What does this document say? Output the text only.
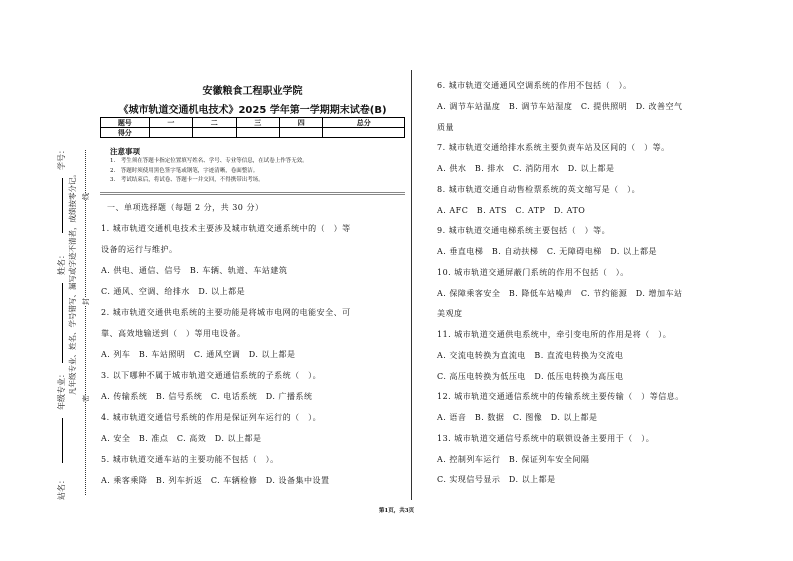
学号：
姓名：
年级专业：
站名：
凡年级专业、姓名、学号错写、漏写或字迹不清者，成绩按零分记。
密
封
线
安徽粮食工程职业学院
《城市轨道交通机电技术》2025 学年第一学期期末试卷(B)
题号	一	二	三	四	总分
得分					
注意事项
1.　考生须在答题卡指定位置填写姓名、学号、专业等信息，在试卷上作答无效。
2.　答题时须使用黑色签字笔或钢笔，字迹清晰，卷面整洁。
3.　考试结束后，将试卷、答题卡一并交回，不得携带出考场。
一、单项选择题（每题 2 分，共 30 分）
1. 城市轨道交通机电技术主要涉及城市轨道交通系统中的（　）等
设备的运行与维护。
A. 供电、通信、信号　B. 车辆、轨道、车站建筑
C. 通风、空调、给排水　D. 以上都是
2. 城市轨道交通供电系统的主要功能是将城市电网的电能安全、可
靠、高效地输送到（　）等用电设备。
A. 列车　B. 车站照明　C. 通风空调　D. 以上都是
3. 以下哪种不属于城市轨道交通通信系统的子系统（　）。
A. 传输系统　B. 信号系统　C. 电话系统　D. 广播系统
4. 城市轨道交通信号系统的作用是保证列车运行的（　）。
A. 安全　B. 准点　C. 高效　D. 以上都是
5. 城市轨道交通车站的主要功能不包括（　）。
A. 乘客乘降　B. 列车折返　C. 车辆检修　D. 设备集中设置
6. 城市轨道交通通风空调系统的作用不包括（　）。
A. 调节车站温度　B. 调节车站湿度　C. 提供照明　D. 改善空气
质量
7. 城市轨道交通给排水系统主要负责车站及区间的（　）等。
A. 供水　B. 排水　C. 消防用水　D. 以上都是
8. 城市轨道交通自动售检票系统的英文缩写是（　）。
A. AFC　B. ATS　C. ATP　D. ATO
9. 城市轨道交通电梯系统主要包括（　）等。
A. 垂直电梯　B. 自动扶梯　C. 无障碍电梯　D. 以上都是
10. 城市轨道交通屏蔽门系统的作用不包括（　）。
A. 保障乘客安全　B. 降低车站噪声　C. 节约能源　D. 增加车站
美观度
11. 城市轨道交通供电系统中，牵引变电所的作用是将（　）。
A. 交流电转换为直流电　B. 直流电转换为交流电
C. 高压电转换为低压电　D. 低压电转换为高压电
12. 城市轨道交通通信系统中的传输系统主要传输（　）等信息。
A. 语音　B. 数据　C. 图像　D. 以上都是
13. 城市轨道交通信号系统中的联锁设备主要用于（　）。
A. 控制列车运行　B. 保证列车安全间隔
C. 实现信号显示　D. 以上都是
第1页，共3页
